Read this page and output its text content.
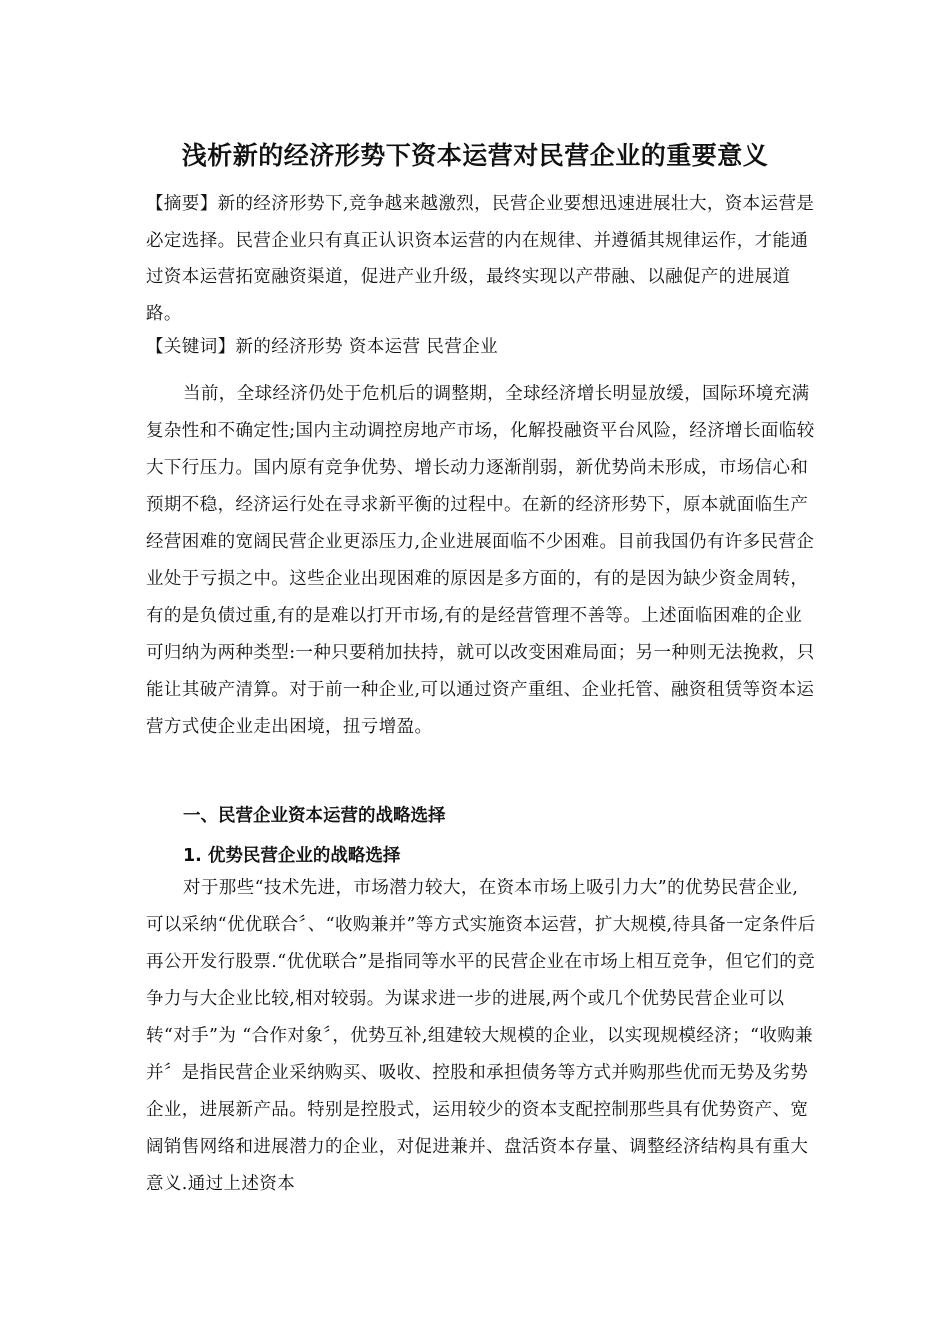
浅析新的经济形势下资本运营对民营企业的重要意义
【摘要】新的经济形势下,竞争越来越激烈，民营企业要想迅速进展壮大，资本运营是必定选择。民营企业只有真正认识资本运营的内在规律、并遵循其规律运作，才能通过资本运营拓宽融资渠道，促进产业升级，最终实现以产带融、以融促产的进展道路。
【关键词】新的经济形势 资本运营 民营企业
当前，全球经济仍处于危机后的调整期，全球经济增长明显放缓，国际环境充满复杂性和不确定性;国内主动调控房地产市场，化解投融资平台风险，经济增长面临较大下行压力。国内原有竞争优势、增长动力逐渐削弱，新优势尚未形成，市场信心和预期不稳，经济运行处在寻求新平衡的过程中。在新的经济形势下，原本就面临生产经营困难的宽阔民营企业更添压力,企业进展面临不少困难。目前我国仍有许多民营企业处于亏损之中。这些企业出现困难的原因是多方面的，有的是因为缺少资金周转，有的是负债过重,有的是难以打开市场,有的是经营管理不善等。上述面临困难的企业可归纳为两种类型:一种只要稍加扶持，就可以改变困难局面；另一种则无法挽救，只能让其破产清算。对于前一种企业,可以通过资产重组、企业托管、融资租赁等资本运营方式使企业走出困境，扭亏增盈。
一、民营企业资本运营的战略选择
1. 优势民营企业的战略选择
对于那些“技术先进，市场潜力较大，在资本市场上吸引力大”的优势民营企业,可以采纳“优优联合〞、“收购兼并”等方式实施资本运营，扩大规模,待具备一定条件后再公开发行股票.“优优联合”是指同等水平的民营企业在市场上相互竞争，但它们的竞争力与大企业比较,相对较弱。为谋求进一步的进展,两个或几个优势民营企业可以转“对手”为 “合作对象〞，优势互补,组建较大规模的企业，以实现规模经济；“收购兼并〞是指民营企业采纳购买、吸收、控股和承担债务等方式并购那些优而无势及劣势企业，进展新产品。特别是控股式，运用较少的资本支配控制那些具有优势资产、宽阔销售网络和进展潜力的企业，对促进兼并、盘活资本存量、调整经济结构具有重大意义.通过上述资本
